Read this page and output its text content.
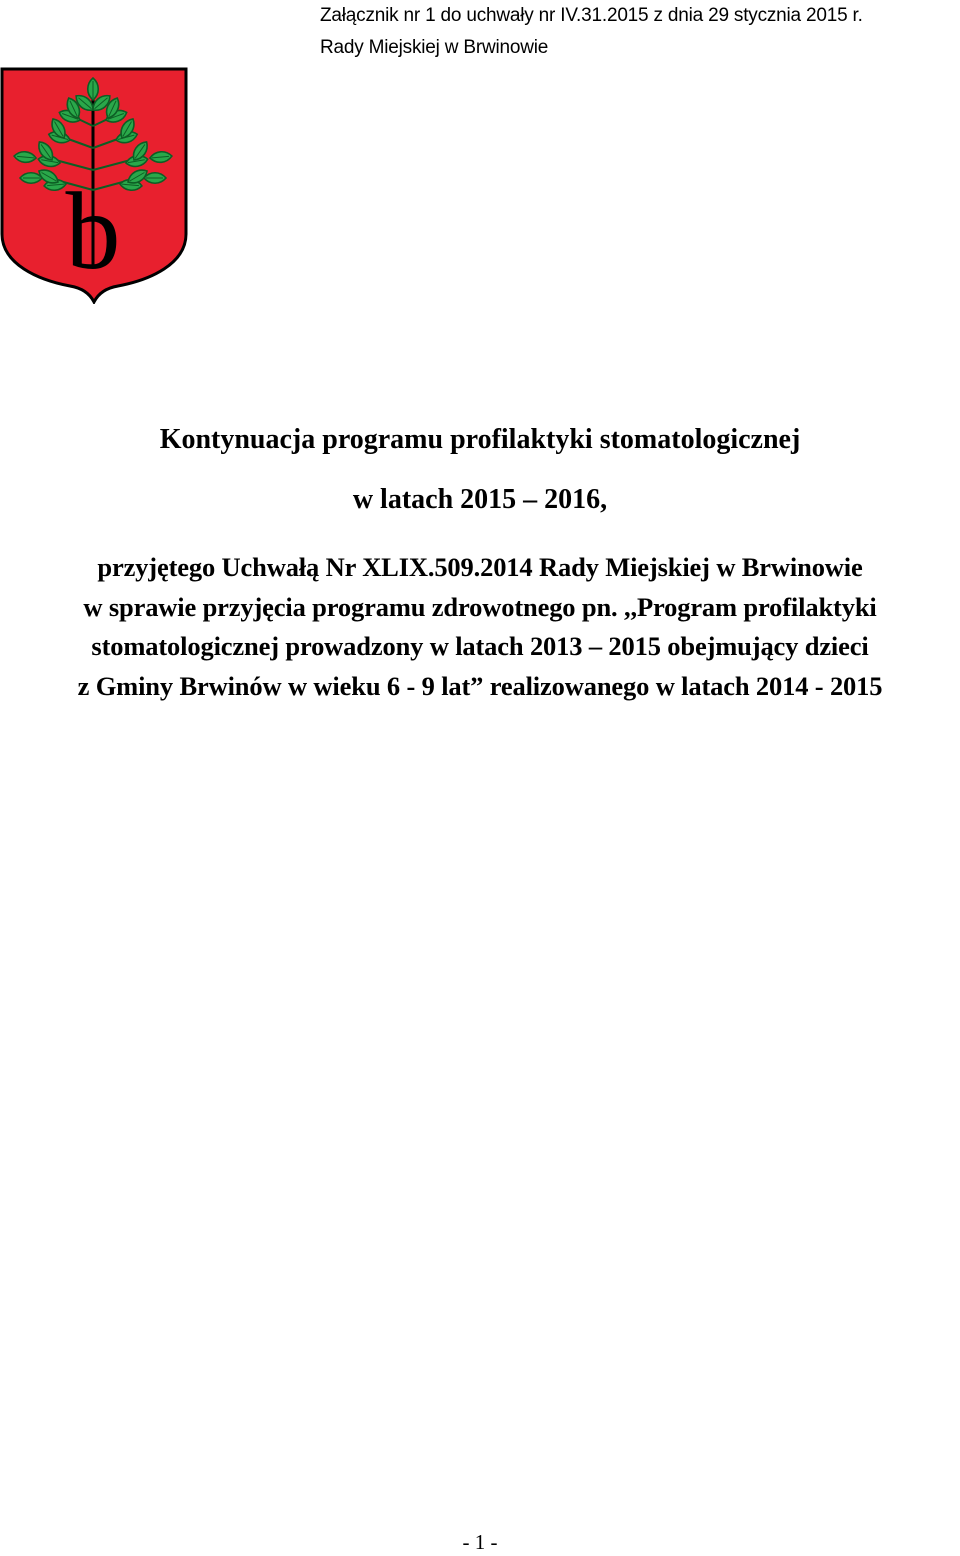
Załącznik nr 1 do uchwały nr IV.31.2015 z dnia 29 stycznia 2015 r.
Rady Miejskiej w Brwinowie
b
Kontynuacja programu profilaktyki stomatologicznej
w latach 2015 – 2016,
przyjętego Uchwałą Nr XLIX.509.2014 Rady Miejskiej w Brwinowie
w sprawie przyjęcia programu zdrowotnego pn. ,,Program profilaktyki
stomatologicznej prowadzony w latach 2013 – 2015 obejmujący dzieci
z Gminy Brwinów w wieku 6 - 9 lat” realizowanego w latach 2014 - 2015
- 1 -
